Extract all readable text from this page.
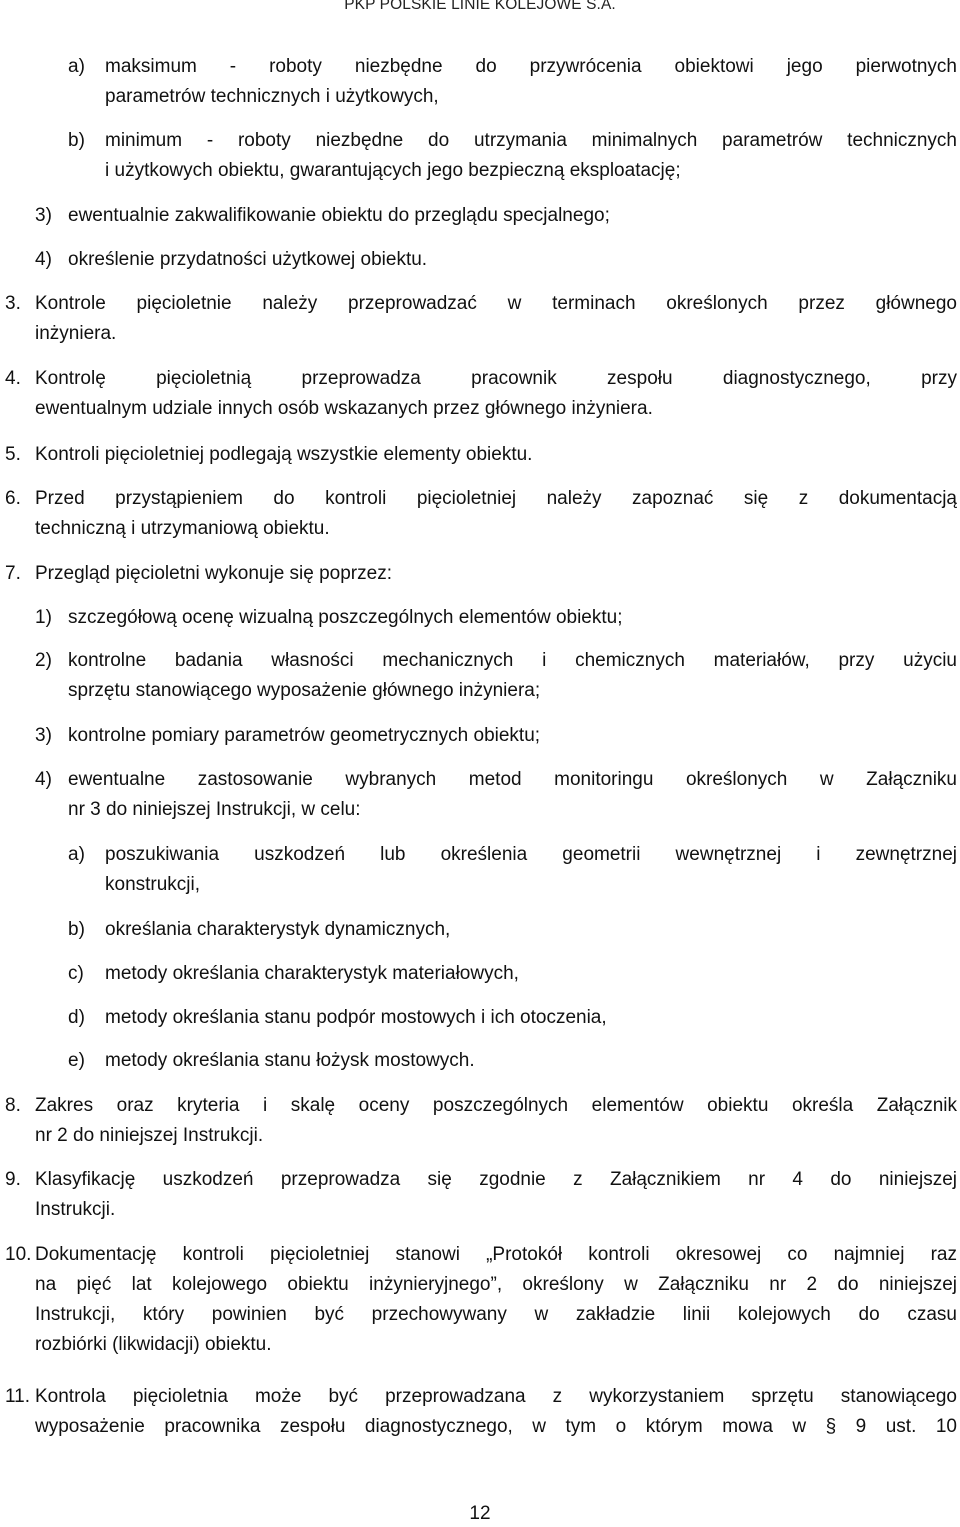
PKP POLSKIE LINIE KOLEJOWE S.A.
a) maksimum - roboty niezbędne do przywrócenia obiektowi jego pierwotnych
parametrów technicznych i użytkowych,
b) minimum - roboty niezbędne do utrzymania minimalnych parametrów technicznych
i użytkowych obiektu, gwarantujących jego bezpieczną eksploatację;
3) ewentualnie zakwalifikowanie obiektu do przeglądu specjalnego;
4) określenie przydatności użytkowej obiektu.
3. Kontrole pięcioletnie należy przeprowadzać w terminach określonych przez głównego
inżyniera.
4. Kontrolę pięcioletnią przeprowadza pracownik zespołu diagnostycznego, przy
ewentualnym udziale innych osób wskazanych przez głównego inżyniera.
5. Kontroli pięcioletniej podlegają wszystkie elementy obiektu.
6. Przed przystąpieniem do kontroli pięcioletniej należy zapoznać się z dokumentacją
techniczną i utrzymaniową obiektu.
7. Przegląd pięcioletni wykonuje się poprzez:
1) szczegółową ocenę wizualną poszczególnych elementów obiektu;
2) kontrolne badania własności mechanicznych i chemicznych materiałów, przy użyciu
sprzętu stanowiącego wyposażenie głównego inżyniera;
3) kontrolne pomiary parametrów geometrycznych obiektu;
4) ewentualne zastosowanie wybranych metod monitoringu określonych w Załączniku
nr 3 do niniejszej Instrukcji, w celu:
a) poszukiwania uszkodzeń lub określenia geometrii wewnętrznej i zewnętrznej
konstrukcji,
b) określania charakterystyk dynamicznych,
c) metody określania charakterystyk materiałowych,
d) metody określania stanu podpór mostowych i ich otoczenia,
e) metody określania stanu łożysk mostowych.
8. Zakres oraz kryteria i skalę oceny poszczególnych elementów obiektu określa Załącznik
nr 2 do niniejszej Instrukcji.
9. Klasyfikację uszkodzeń przeprowadza się zgodnie z Załącznikiem nr 4 do niniejszej
Instrukcji.
10. Dokumentację kontroli pięcioletniej stanowi „Protokół kontroli okresowej co najmniej raz
na pięć lat kolejowego obiektu inżynieryjnego”, określony w Załączniku nr 2 do niniejszej
Instrukcji, który powinien być przechowywany w zakładzie linii kolejowych do czasu
rozbiórki (likwidacji) obiektu.
11. Kontrola pięcioletnia może być przeprowadzana z wykorzystaniem sprzętu stanowiącego
wyposażenie pracownika zespołu diagnostycznego, w tym o którym mowa w § 9 ust. 10
12
